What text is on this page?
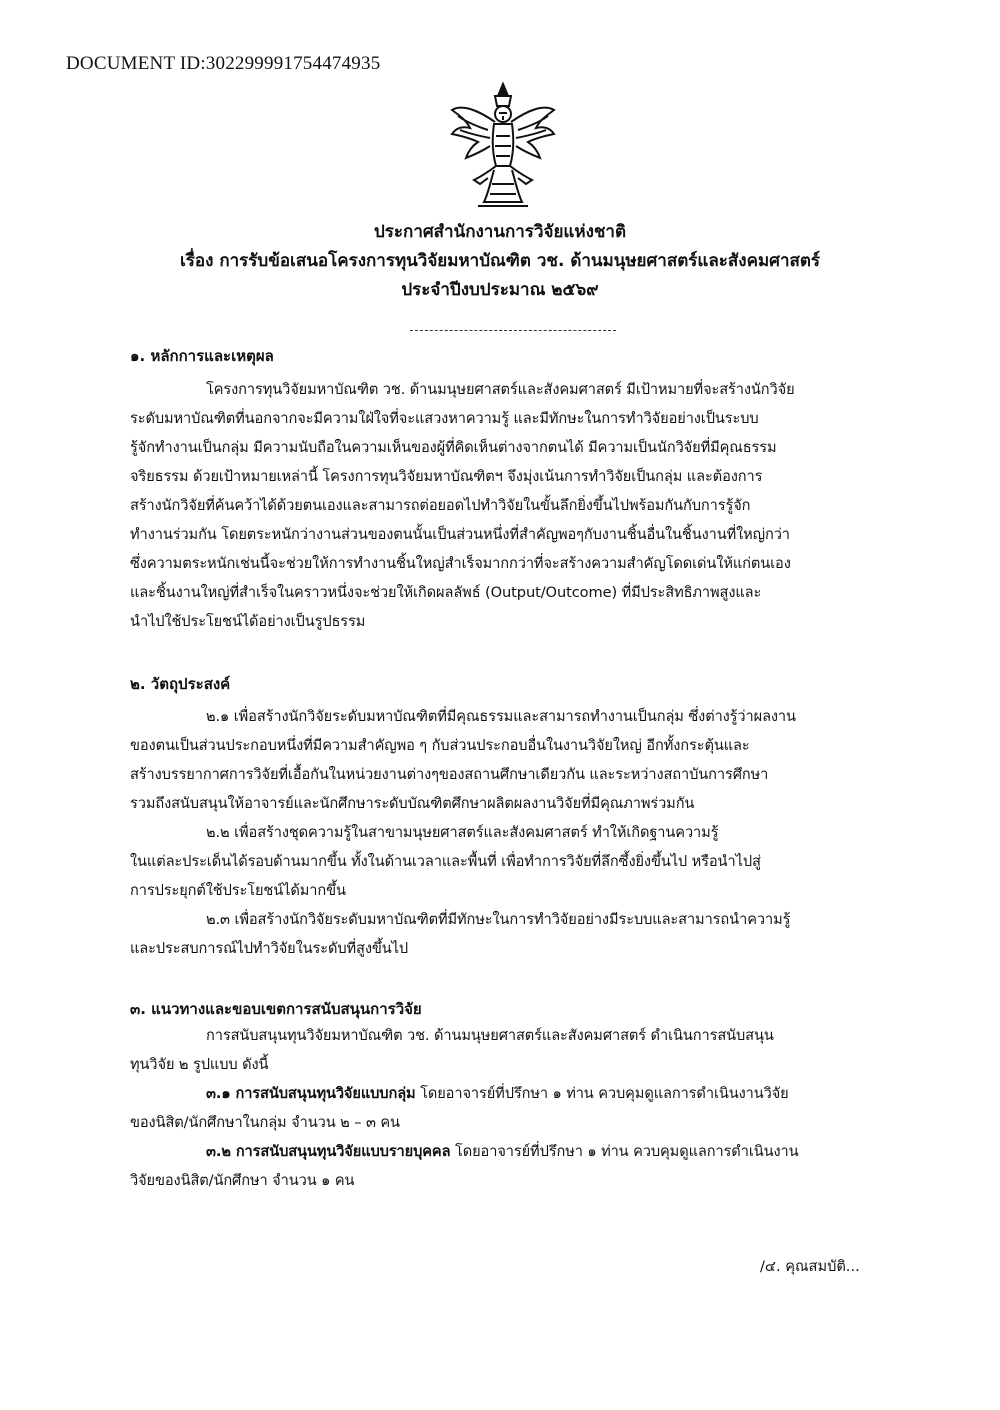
DOCUMENT ID:302299991754474935
ประกาศสำนักงานการวิจัยแห่งชาติ
เรื่อง การรับข้อเสนอโครงการทุนวิจัยมหาบัณฑิต วช. ด้านมนุษยศาสตร์และสังคมศาสตร์
ประจำปีงบประมาณ ๒๕๖๙
๑. หลักการและเหตุผล
โครงการทุนวิจัยมหาบัณฑิต วช. ด้านมนุษยศาสตร์และสังคมศาสตร์ มีเป้าหมายที่จะสร้างนักวิจัย
ระดับมหาบัณฑิตที่นอกจากจะมีความใฝ่ใจที่จะแสวงหาความรู้ และมีทักษะในการทำวิจัยอย่างเป็นระบบ
รู้จักทำงานเป็นกลุ่ม มีความนับถือในความเห็นของผู้ที่คิดเห็นต่างจากตนได้ มีความเป็นนักวิจัยที่มีคุณธรรม
จริยธรรม ด้วยเป้าหมายเหล่านี้ โครงการทุนวิจัยมหาบัณฑิตฯ จึงมุ่งเน้นการทำวิจัยเป็นกลุ่ม และต้องการ
สร้างนักวิจัยที่ค้นคว้าได้ด้วยตนเองและสามารถต่อยอดไปทำวิจัยในขั้นลึกยิ่งขึ้นไปพร้อมกันกับการรู้จัก
ทำงานร่วมกัน โดยตระหนักว่างานส่วนของตนนั้นเป็นส่วนหนึ่งที่สำคัญพอๆกับงานชิ้นอื่นในชิ้นงานที่ใหญ่กว่า
ซึ่งความตระหนักเช่นนี้จะช่วยให้การทำงานชิ้นใหญ่สำเร็จมากกว่าที่จะสร้างความสำคัญโดดเด่นให้แก่ตนเอง
และชิ้นงานใหญ่ที่สำเร็จในคราวหนึ่งจะช่วยให้เกิดผลลัพธ์ (Output/Outcome) ที่มีประสิทธิภาพสูงและ
นำไปใช้ประโยชน์ได้อย่างเป็นรูปธรรม
๒. วัตถุประสงค์
๒.๑ เพื่อสร้างนักวิจัยระดับมหาบัณฑิตที่มีคุณธรรมและสามารถทำงานเป็นกลุ่ม ซึ่งต่างรู้ว่าผลงาน
ของตนเป็นส่วนประกอบหนึ่งที่มีความสำคัญพอ ๆ กับส่วนประกอบอื่นในงานวิจัยใหญ่ อีกทั้งกระตุ้นและ
สร้างบรรยากาศการวิจัยที่เอื้อกันในหน่วยงานต่างๆของสถานศึกษาเดียวกัน และระหว่างสถาบันการศึกษา
รวมถึงสนับสนุนให้อาจารย์และนักศึกษาระดับบัณฑิตศึกษาผลิตผลงานวิจัยที่มีคุณภาพร่วมกัน
๒.๒ เพื่อสร้างชุดความรู้ในสาขามนุษยศาสตร์และสังคมศาสตร์ ทำให้เกิดฐานความรู้
ในแต่ละประเด็นได้รอบด้านมากขึ้น ทั้งในด้านเวลาและพื้นที่ เพื่อทำการวิจัยที่ลึกซึ้งยิ่งขึ้นไป หรือนำไปสู่
การประยุกต์ใช้ประโยชน์ได้มากขึ้น
๒.๓ เพื่อสร้างนักวิจัยระดับมหาบัณฑิตที่มีทักษะในการทำวิจัยอย่างมีระบบและสามารถนำความรู้
และประสบการณ์ไปทำวิจัยในระดับที่สูงขึ้นไป
๓. แนวทางและขอบเขตการสนับสนุนการวิจัย
การสนับสนุนทุนวิจัยมหาบัณฑิต วช. ด้านมนุษยศาสตร์และสังคมศาสตร์ ดำเนินการสนับสนุน
ทุนวิจัย ๒ รูปแบบ ดังนี้
๓.๑ การสนับสนุนทุนวิจัยแบบกลุ่ม โดยอาจารย์ที่ปรึกษา ๑ ท่าน ควบคุมดูแลการดำเนินงานวิจัย
ของนิสิต/นักศึกษาในกลุ่ม จำนวน ๒ – ๓ คน
๓.๒ การสนับสนุนทุนวิจัยแบบรายบุคคล โดยอาจารย์ที่ปรึกษา ๑ ท่าน ควบคุมดูแลการดำเนินงาน
วิจัยของนิสิต/นักศึกษา จำนวน ๑ คน
/๔. คุณสมบัติ...
